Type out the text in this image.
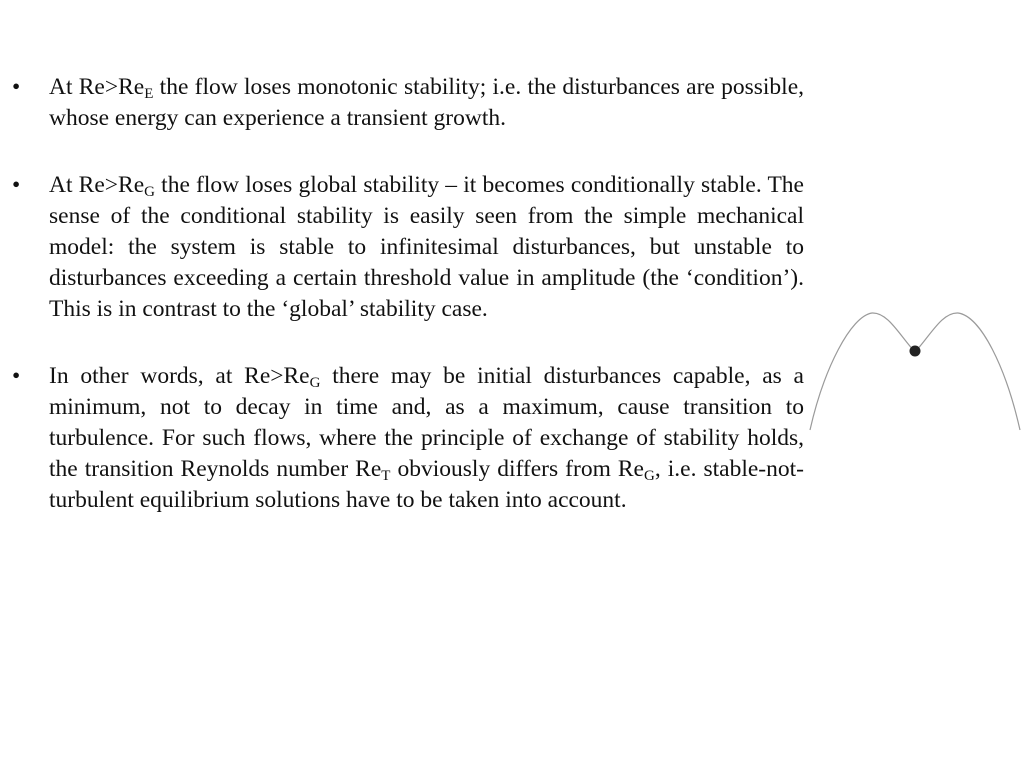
•	At $Re>Re_E$ the flow loses monotonic stability; i.e. the disturbances are possible, whose energy can experience a transient growth.
•	At $Re>Re_G$ the flow loses global stability – it becomes conditionally stable. The sense of the conditional stability is easily seen from the simple mechanical model: the system is stable to infinitesimal disturbances, but unstable to disturbances exceeding a certain threshold value in amplitude (the ‘condition’). This is in contrast to the ‘global’ stability case.
•	In other words, at $Re>Re_G$ there may be initial disturbances capable, as a minimum, not to decay in time and, as a maximum, cause transition to turbulence. For such flows, where the principle of exchange of stability holds, the transition Reynolds number $Re_T$ obviously differs from $Re_G$, i.e. stable-not-turbulent equilibrium solutions have to be taken into account.
